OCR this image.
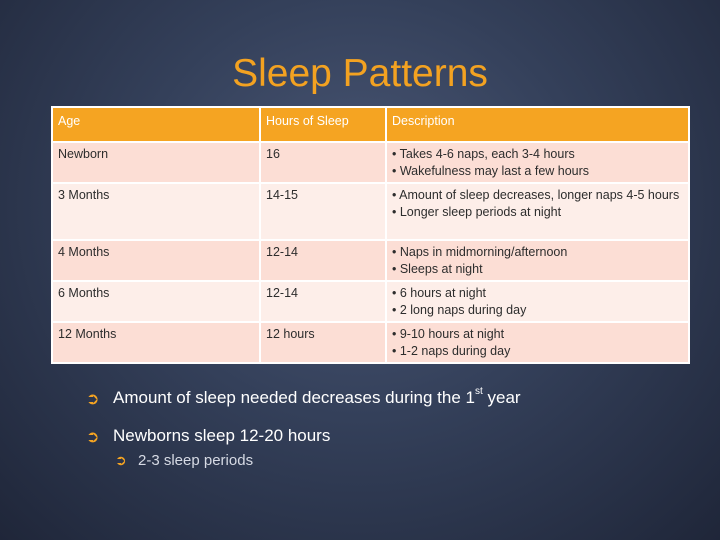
Sleep Patterns
Age	Hours of Sleep	Description
Newborn	16	• Takes 4-6 naps, each 3-4 hours
• Wakefulness may last a few hours

3 Months	14-15	• Amount of sleep decreases, longer naps 4-5 hours
• Longer sleep periods at night

4 Months	12-14	• Naps in midmorning/afternoon
• Sleeps at night

6 Months	12-14	• 6 hours at night
• 2 long naps during day

12 Months	12 hours	• 9-10 hours at night
• 1-2 naps during day
➲ Amount of sleep needed decreases during the 1st year
➲ Newborns sleep 12-20 hours
➲ 2-3 sleep periods
